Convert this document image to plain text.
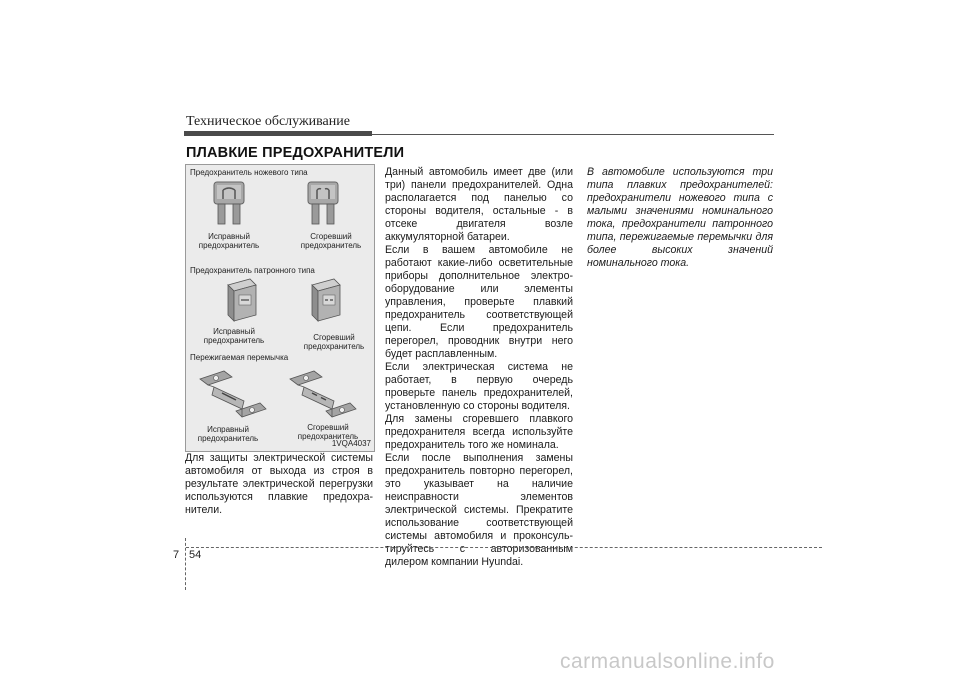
Техническое обслуживание
ПЛАВКИЕ ПРЕДОХРАНИТЕЛИ
Предохранитель ножевого типа
Исправный предохранитель
Сгоревший предохранитель
Предохранитель патронного типа
Исправный предохранитель	Сгоревший предохранитель
Пережигаемая перемычка
Исправный предохранитель
Сгоревший предохранитель
1VQA4037
Для защиты электрической системы автомобиля от выхода из строя в результате электрической перегрузки используются плавкие предохра-нители.
Данный автомобиль имеет две (или три) панели предохранителей. Одна располагается под панелью со стороны водителя, остальные - в отсеке двигателя возле аккумуляторной батареи.
Если в вашем автомобиле не работают какие-либо осветительные приборы дополнительное электро-оборудование или элементы управления, проверьте плавкий предохранитель соответствующей цепи. Если предохранитель перегорел, проводник внутри него будет расплавленным.
Если электрическая система не работает, в первую очередь проверьте панель предохранителей, установленную со стороны водителя.
Для замены сгоревшего плавкого предохранителя всегда используйте предохранитель того же номинала.
Если после выполнения замены предохранитель повторно перегорел, это указывает на наличие неисправности элементов электрической системы. Прекратите использование соответствующей системы автомобиля и проконсуль-тируйтесь с авторизованным дилером компании Hyundai.
В автомобиле используются три типа плавких предохранителей: предохранители ножевого типа с малыми значениями номинального тока, предохранители патронного типа, пережигаемые перемычки для более высоких значений номинального тока.
7 54
carmanualsonline.info
